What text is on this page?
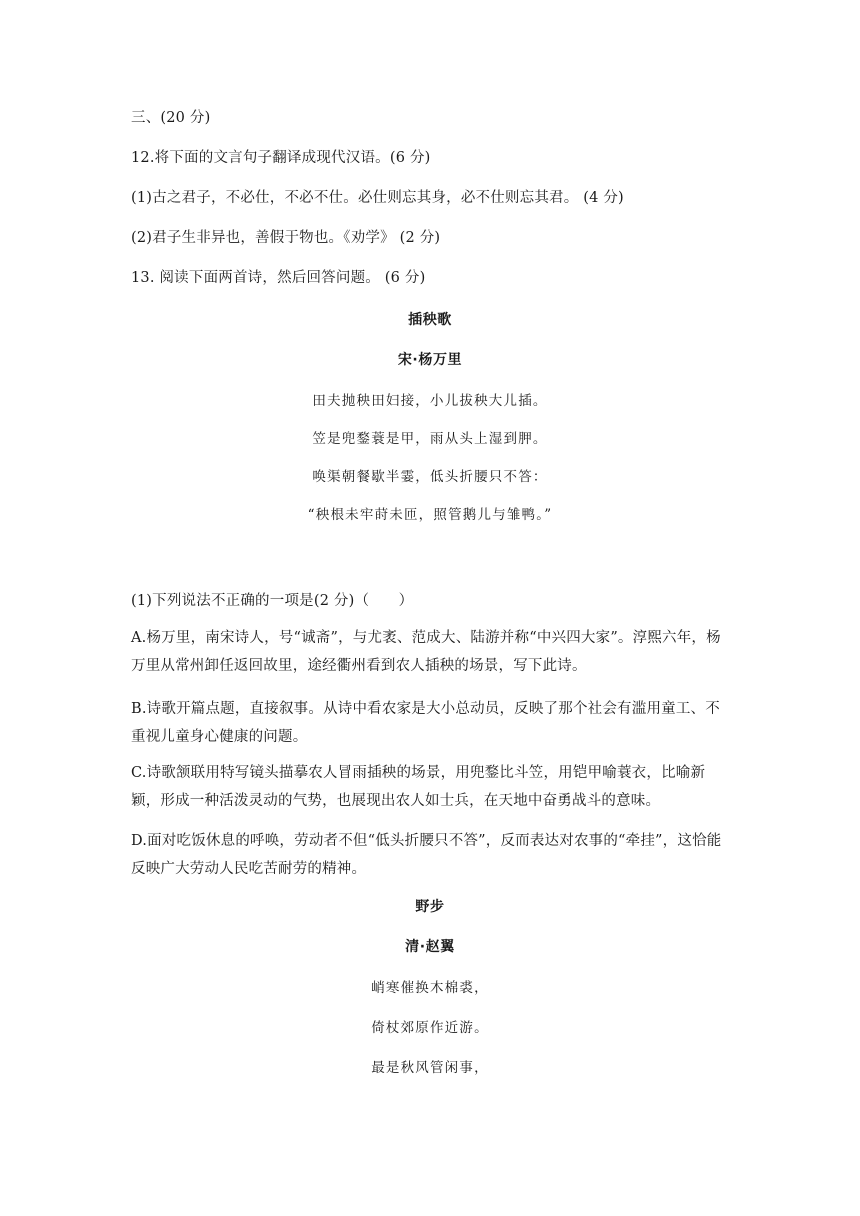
三、(20 分)
12.将下面的文言句子翻译成现代汉语。(6 分)
(1)古之君子，不必仕，不必不仕。必仕则忘其身，必不仕则忘其君。 (4 分)
(2)君子生非异也，善假于物也。《劝学》 (2 分)
13. 阅读下面两首诗，然后回答问题。 (6 分)
插秧歌
宋·杨万里
田夫抛秧田妇接，小儿拔秧大儿插。
笠是兜鍪蓑是甲，雨从头上湿到胛。
唤渠朝餐歇半霎，低头折腰只不答：
“秧根未牢莳未匝，照管鹅儿与雏鸭。”
(1)下列说法不正确的一项是(2 分)（　　）
A.杨万里，南宋诗人，号“诚斋”，与尤袤、范成大、陆游并称“中兴四大家”。淳熙六年，杨万里从常州卸任返回故里，途经衢州看到农人插秧的场景，写下此诗。
B.诗歌开篇点题，直接叙事。从诗中看农家是大小总动员，反映了那个社会有滥用童工、不重视儿童身心健康的问题。
C.诗歌颔联用特写镜头描摹农人冒雨插秧的场景，用兜鍪比斗笠，用铠甲喻蓑衣，比喻新颖，形成一种活泼灵动的气势，也展现出农人如士兵，在天地中奋勇战斗的意味。
D.面对吃饭休息的呼唤，劳动者不但“低头折腰只不答”，反而表达对农事的“牵挂”，这恰能反映广大劳动人民吃苦耐劳的精神。
野步
清·赵翼
峭寒催换木棉裘，
倚杖郊原作近游。
最是秋风管闲事，
